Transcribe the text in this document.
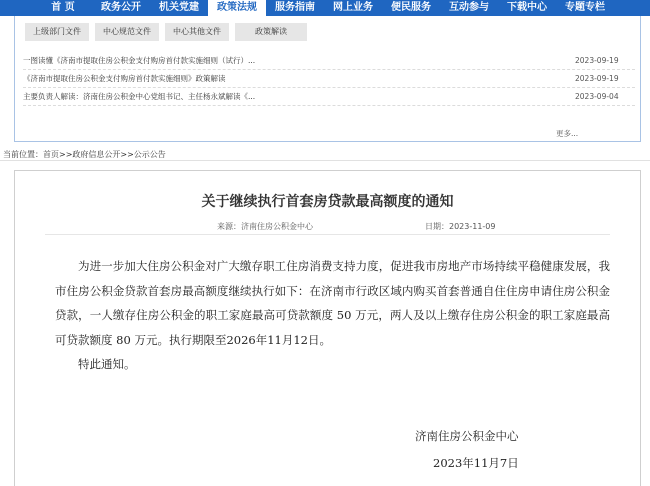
首 页	政务公开	机关党建	政策法规	服务指南	网上业务	便民服务	互动参与	下载中心	专题专栏
上级部门文件	中心规范文件	中心其他文件	政策解读
一图读懂《济南市提取住房公积金支付购房首付款实施细则（试行）...	2023-09-19
《济南市提取住房公积金支付购房首付款实施细则》政策解读	2023-09-19
主要负责人解读：济南住房公积金中心党组书记、主任杨永斌解读《...	2023-09-04
更多...
当前位置：首页>>政府信息公开>>公示公告
关于继续执行首套房贷款最高额度的通知
来源：济南住房公积金中心	日期：2023-11-09

为进一步加大住房公积金对广大缴存职工住房消费支持力度，促进我市房地产市场持续平稳健康发展，我市住房公积金贷款首套房最高额度继续执行如下：在济南市行政区域内购买首套普通自住住房申请住房公积金贷款，一人缴存住房公积金的职工家庭最高可贷款额度 50 万元，两人及以上缴存住房公积金的职工家庭最高可贷款额度 80 万元。执行期限至2026年11月12日。

特此通知。

济南住房公积金中心
2023年11月7日
